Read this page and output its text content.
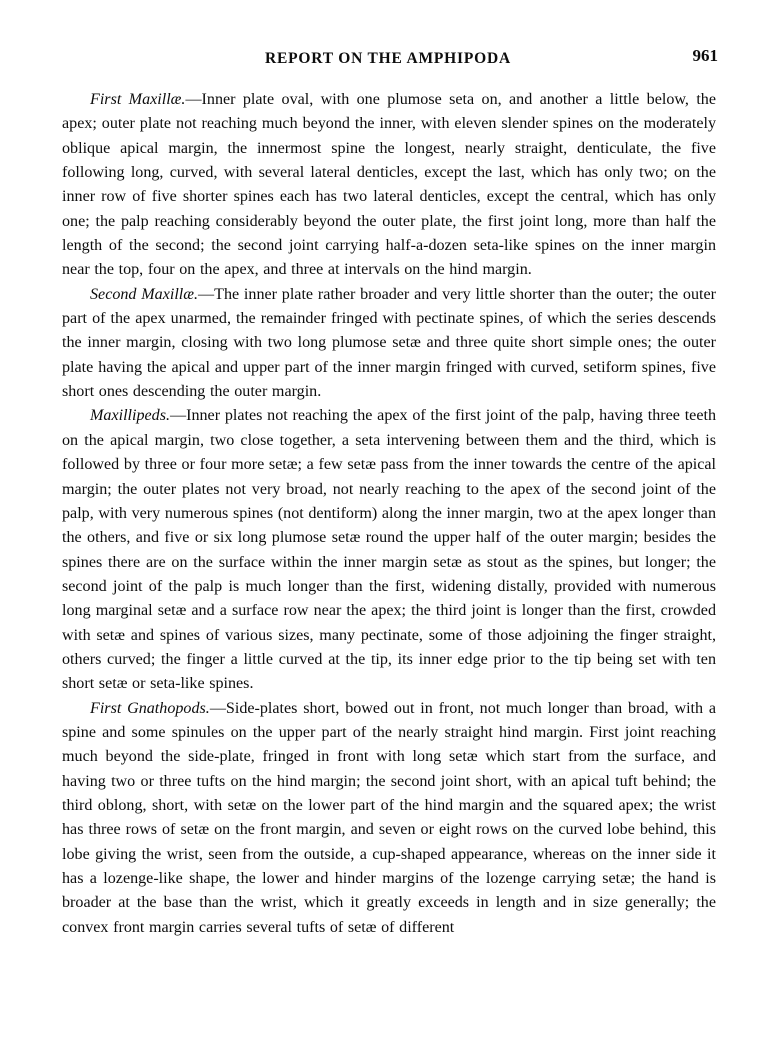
REPORT ON THE AMPHIPODA	961

First Maxillæ.—Inner plate oval, with one plumose seta on, and another a little below, the apex; outer plate not reaching much beyond the inner, with eleven slender spines on the moderately oblique apical margin, the innermost spine the longest, nearly straight, denticulate, the five following long, curved, with several lateral denticles, except the last, which has only two; on the inner row of five shorter spines each has two lateral denticles, except the central, which has only one; the palp reaching considerably beyond the outer plate, the first joint long, more than half the length of the second; the second joint carrying half-a-dozen seta-like spines on the inner margin near the top, four on the apex, and three at intervals on the hind margin.

Second Maxillæ.—The inner plate rather broader and very little shorter than the outer; the outer part of the apex unarmed, the remainder fringed with pectinate spines, of which the series descends the inner margin, closing with two long plumose setæ and three quite short simple ones; the outer plate having the apical and upper part of the inner margin fringed with curved, setiform spines, five short ones descending the outer margin.

Maxillipeds.—Inner plates not reaching the apex of the first joint of the palp, having three teeth on the apical margin, two close together, a seta intervening between them and the third, which is followed by three or four more setæ; a few setæ pass from the inner towards the centre of the apical margin; the outer plates not very broad, not nearly reaching to the apex of the second joint of the palp, with very numerous spines (not dentiform) along the inner margin, two at the apex longer than the others, and five or six long plumose setæ round the upper half of the outer margin; besides the spines there are on the surface within the inner margin setæ as stout as the spines, but longer; the second joint of the palp is much longer than the first, widening distally, provided with numerous long marginal setæ and a surface row near the apex; the third joint is longer than the first, crowded with setæ and spines of various sizes, many pectinate, some of those adjoining the finger straight, others curved; the finger a little curved at the tip, its inner edge prior to the tip being set with ten short setæ or seta-like spines.

First Gnathopods.—Side-plates short, bowed out in front, not much longer than broad, with a spine and some spinules on the upper part of the nearly straight hind margin. First joint reaching much beyond the side-plate, fringed in front with long setæ which start from the surface, and having two or three tufts on the hind margin; the second joint short, with an apical tuft behind; the third oblong, short, with setæ on the lower part of the hind margin and the squared apex; the wrist has three rows of setæ on the front margin, and seven or eight rows on the curved lobe behind, this lobe giving the wrist, seen from the outside, a cup-shaped appearance, whereas on the inner side it has a lozenge-like shape, the lower and hinder margins of the lozenge carrying setæ; the hand is broader at the base than the wrist, which it greatly exceeds in length and in size generally; the convex front margin carries several tufts of setæ of different
